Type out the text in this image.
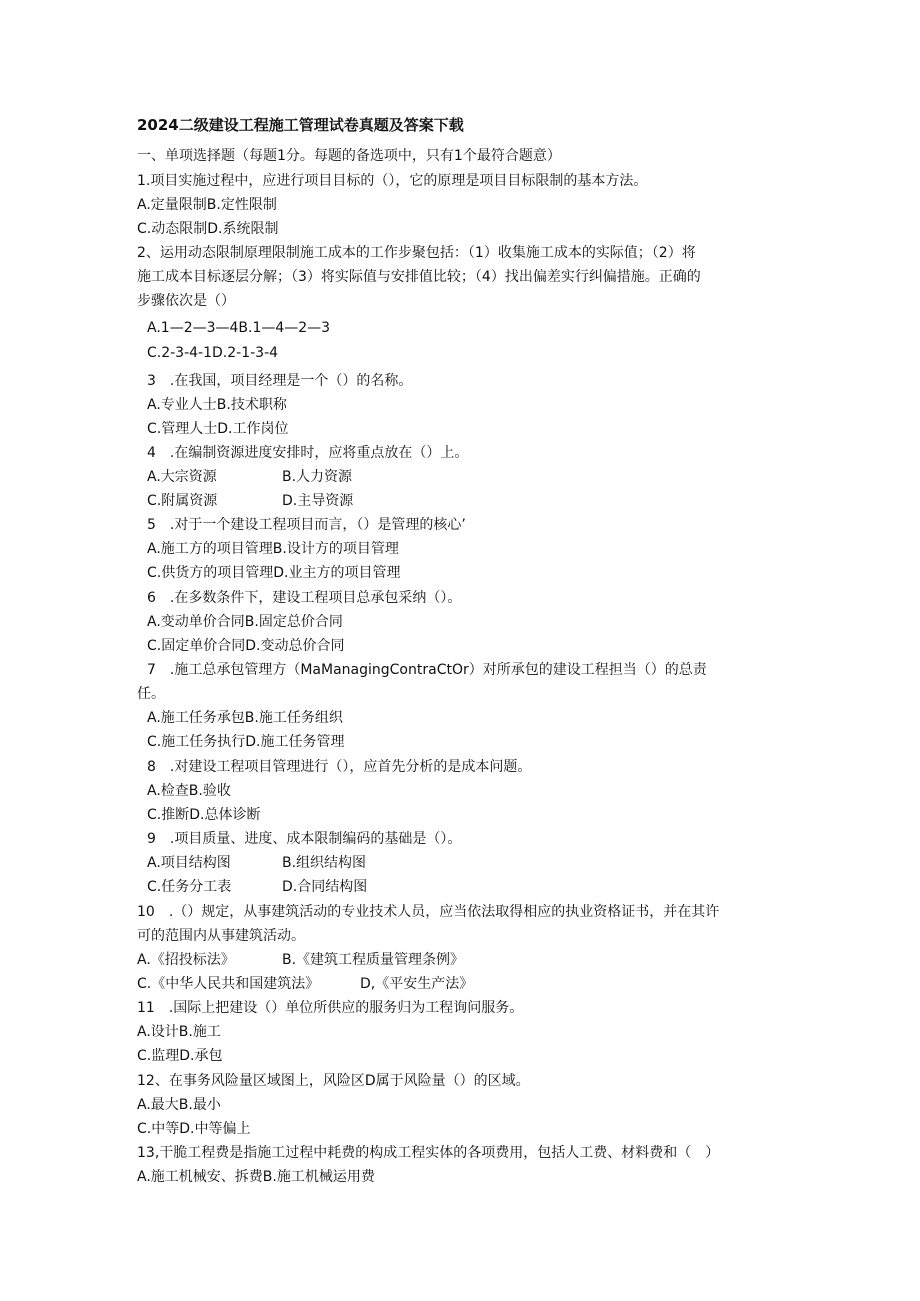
2024二级建设工程施工管理试卷真题及答案下载
一、单项选择题（每题1分。每题的备选项中，只有1个最符合题意）
1.项目实施过程中，应进行项目目标的（），它的原理是项目目标限制的基本方法。
A.定量限制B.定性限制
C.动态限制D.系统限制
2、运用动态限制原理限制施工成本的工作步聚包括：（1）收集施工成本的实际值；（2）将
施工成本目标逐层分解；（3）将实际值与安排值比较；（4）找出偏差实行纠偏措施。正确的
步骤依次是（）
A.1—2—3—4B.1—4—2—3
C.2-3-4-1D.2-1-3-4
3　.在我国，项目经理是一个（）的名称。
A.专业人士B.技术职称
C.管理人士D.工作岗位
4　.在编制资源进度安排时，应将重点放在（）上。
A.大宗资源	B.人力资源
C.附属资源	D.主导资源
5　.对于一个建设工程项目而言，（）是管理的核心’
A.施工方的项目管理B.设计方的项目管理
C.供货方的项目管理D.业主方的项目管理
6　.在多数条件下，建设工程项目总承包采纳（）。
A.变动单价合同B.固定总价合同
C.固定单价合同D.变动总价合同
7　.施工总承包管理方（MaManagingContraCtOr）对所承包的建设工程担当（）的总责
任。
A.施工任务承包B.施工任务组织
C.施工任务执行D.施工任务管理
8　.对建设工程项目管理进行（），应首先分析的是成本问题。
A.检查B.验收
C.推断D.总体诊断
9　.项目质量、进度、成本限制编码的基础是（）。
A.项目结构图	B.组织结构图
C.任务分工表	D.合同结构图
10　.（）规定，从事建筑活动的专业技术人员，应当依法取得相应的执业资格证书，并在其许
可的范围内从事建筑活动。
A.《招投标法》	B.《建筑工程质量管理条例》
C.《中华人民共和国建筑法》	D,《平安生产法》
11　.国际上把建设（）单位所供应的服务归为工程询问服务。
A.设计B.施工
C.监理D.承包
12、在事务风险量区域图上，风险区D属于风险量（）的区域。
A.最大B.最小
C.中等D.中等偏上
13,干脆工程费是指施工过程中耗费的构成工程实体的各项费用，包括人工费、材料费和（　）
A.施工机械安、拆费B.施工机械运用费
